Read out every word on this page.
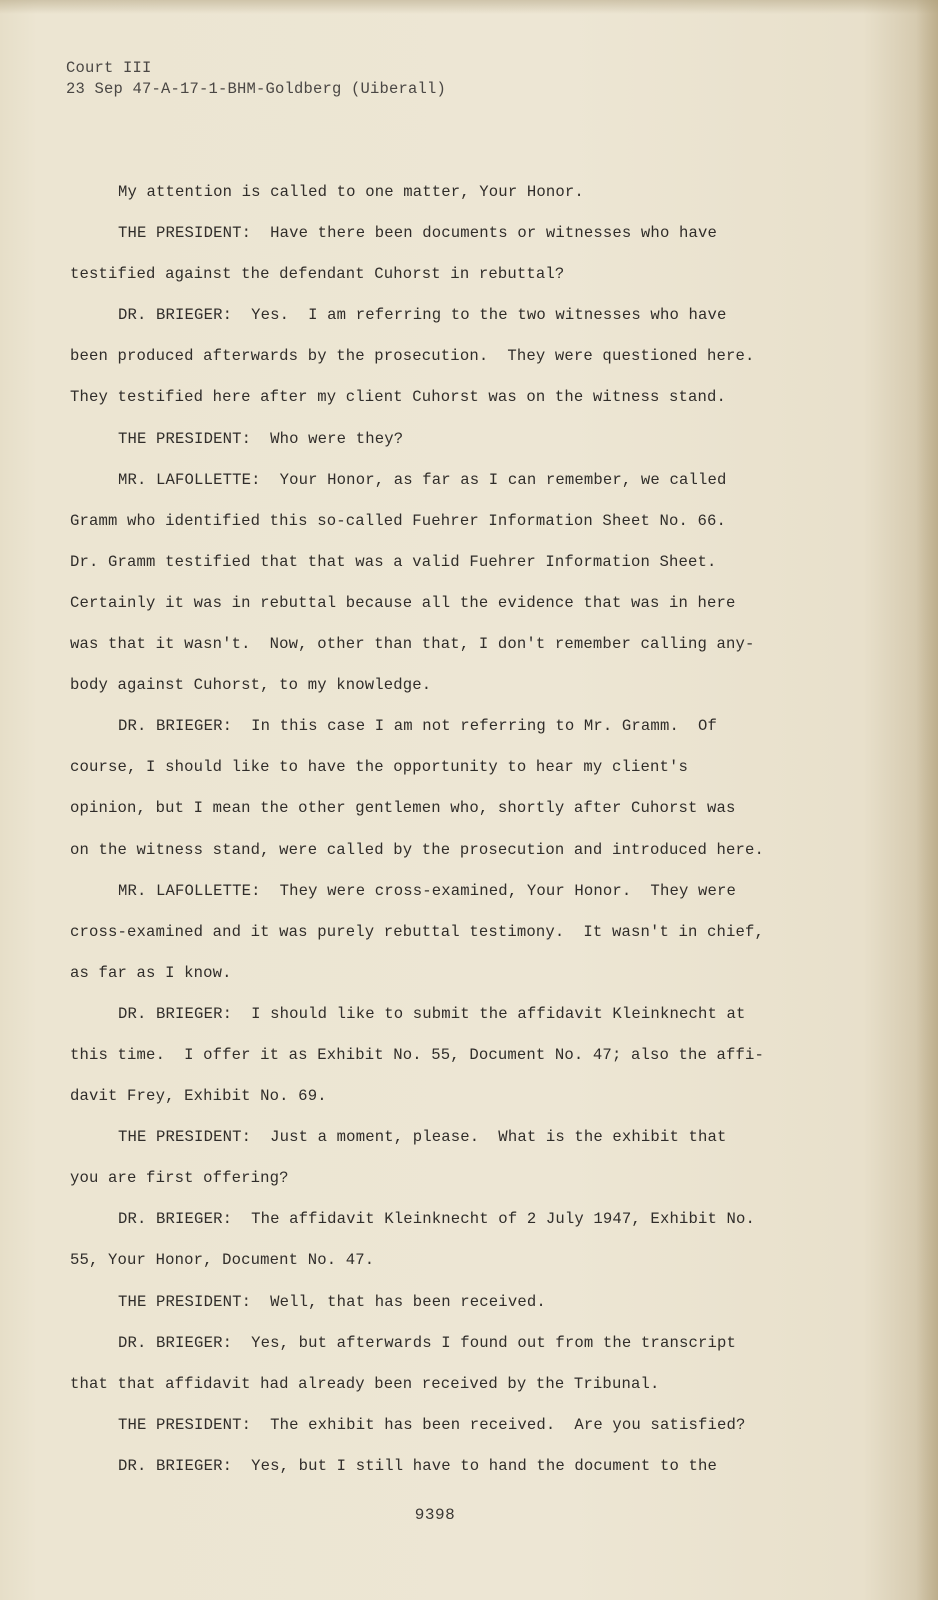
Court III
23 Sep 47-A-17-1-BHM-Goldberg (Uiberall)
My attention is called to one matter, Your Honor.
THE PRESIDENT:  Have there been documents or witnesses who have
testified against the defendant Cuhorst in rebuttal?
DR. BRIEGER:  Yes.  I am referring to the two witnesses who have
been produced afterwards by the prosecution.  They were questioned here.
They testified here after my client Cuhorst was on the witness stand.
THE PRESIDENT:  Who were they?
MR. LAFOLLETTE:  Your Honor, as far as I can remember, we called
Gramm who identified this so-called Fuehrer Information Sheet No. 66.
Dr. Gramm testified that that was a valid Fuehrer Information Sheet.
Certainly it was in rebuttal because all the evidence that was in here
was that it wasn't.  Now, other than that, I don't remember calling any-
body against Cuhorst, to my knowledge.
DR. BRIEGER:  In this case I am not referring to Mr. Gramm.  Of
course, I should like to have the opportunity to hear my client's
opinion, but I mean the other gentlemen who, shortly after Cuhorst was
on the witness stand, were called by the prosecution and introduced here.
MR. LAFOLLETTE:  They were cross-examined, Your Honor.  They were
cross-examined and it was purely rebuttal testimony.  It wasn't in chief,
as far as I know.
DR. BRIEGER:  I should like to submit the affidavit Kleinknecht at
this time.  I offer it as Exhibit No. 55, Document No. 47; also the affi-
davit Frey, Exhibit No. 69.
THE PRESIDENT:  Just a moment, please.  What is the exhibit that
you are first offering?
DR. BRIEGER:  The affidavit Kleinknecht of 2 July 1947, Exhibit No.
55, Your Honor, Document No. 47.
THE PRESIDENT:  Well, that has been received.
DR. BRIEGER:  Yes, but afterwards I found out from the transcript
that that affidavit had already been received by the Tribunal.
THE PRESIDENT:  The exhibit has been received.  Are you satisfied?
DR. BRIEGER:  Yes, but I still have to hand the document to the
9398
